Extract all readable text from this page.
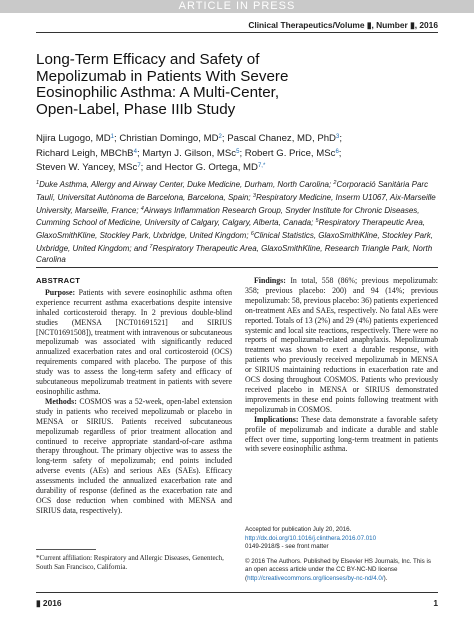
ARTICLE IN PRESS
Clinical Therapeutics/Volume ▮, Number ▮, 2016
Long-Term Efficacy and Safety of
Mepolizumab in Patients With Severe
Eosinophilic Asthma: A Multi-Center,
Open-Label, Phase IIIb Study
Njira Lugogo, $MD^1$; Christian Domingo, $MD^2$; Pascal Chanez, MD, PhD$^3$;
Richard Leigh, MBChB$^4$; Martyn J. Gilson, MSc$^5$; Robert G. Price, MSc$^6$;
Steven W. Yancey, MSc$^7$; and Hector G. Ortega, $MD^{7,*}$
$^1$Duke Asthma, Allergy and Airway Center, Duke Medicine, Durham, North Carolina; $^2$Corporació Sanitària Parc Taulí, Universitat Autònoma de Barcelona, Barcelona, Spain; $^3$Respiratory Medicine, Inserm U1067, Aix-Marseille University, Marseille, France; $^4$Airways Inflammation Research Group, Snyder Institute for Chronic Diseases, Cumming School of Medicine, University of Calgary, Calgary, Alberta, Canada; $^5$Respiratory Therapeutic Area, GlaxoSmithKline, Stockley Park, Uxbridge, United Kingdom; $^6$Clinical Statistics, GlaxoSmithKline, Stockley Park, Uxbridge, United Kingdom; and $^7$Respiratory Therapeutic Area, GlaxoSmithKline, Research Triangle Park, North Carolina
ABSTRACT

Purpose: Patients with severe eosinophilic asthma often experience recurrent asthma exacerbations despite intensive inhaled corticosteroid therapy. In 2 previous double-blind studies (MENSA [NCT01691521] and SIRIUS [NCT01691508]), treatment with intravenous or subcutaneous mepolizumab was associated with significantly reduced annualized exacerbation rates and oral corticosteroid (OCS) requirements compared with placebo. The purpose of this study was to assess the long-term safety and efficacy of subcutaneous mepolizumab treatment in patients with severe eosinophilic asthma.

Methods: COSMOS was a 52-week, open-label extension study in patients who received mepolizumab or placebo in MENSA or SIRIUS. Patients received subcutaneous mepolizumab regardless of prior treatment allocation and continued to receive appropriate standard-of-care asthma therapy throughout. The primary objective was to assess the long-term safety of mepolizumab; end points included adverse events (AEs) and serious AEs (SAEs). Efficacy assessments included the annualized exacerbation rate and durability of response (defined as the exacerbation rate and OCS dose reduction when combined with MENSA and SIRIUS data, respectively).

Findings: In total, 558 (86%; previous mepolizumab: 358; previous placebo: 200) and 94 (14%; previous mepolizumab: 58, previous placebo: 36) patients experienced on-treatment AEs and SAEs, respectively. No fatal AEs were reported. Totals of 13 (2%) and 29 (4%) patients experienced systemic and local site reactions, respectively. There were no reports of mepolizumab-related anaphylaxis. Mepolizumab treatment was shown to exert a durable response, with patients who previously received mepolizumab in MENSA or SIRIUS maintaining reductions in exacerbation rate and OCS dosing throughout COSMOS. Patients who previously received placebo in MENSA or SIRIUS demonstrated improvements in these end points following treatment with mepolizumab in COSMOS.

Implications: These data demonstrate a favorable safety profile of mepolizumab and indicate a durable and stable effect over time, supporting long-term treatment in patients with severe eosinophilic asthma.

*Current affiliation: Respiratory and Allergic Diseases, Genentech, South San Francisco, California.
Accepted for publication July 20, 2016.
http://dx.doi.org/10.1016/j.clinthera.2016.07.010
0149-2918/$ - see front matter
© 2016 The Authors. Published by Elsevier HS Journals, Inc. This is an open access article under the CC BY-NC-ND license (http://creativecommons.org/licenses/by-nc-nd/4.0/).
▮ 2016	1
